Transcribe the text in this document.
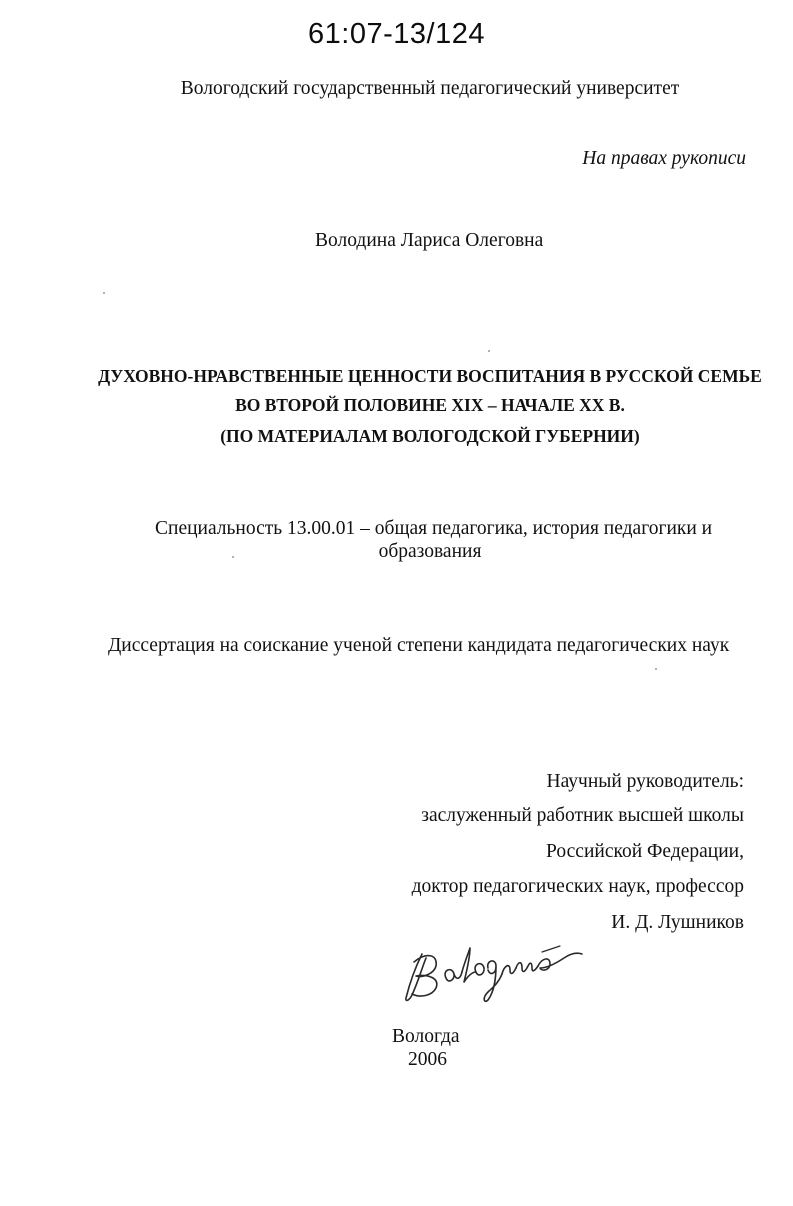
61:07-13/124
Вологодский государственный педагогический университет
На правах рукописи
Володина Лариса Олеговна
ДУХОВНО-НРАВСТВЕННЫЕ ЦЕННОСТИ ВОСПИТАНИЯ В РУССКОЙ СЕМЬЕ
ВО ВТОРОЙ ПОЛОВИНЕ XIX – НАЧАЛЕ XX В.
(ПО МАТЕРИАЛАМ ВОЛОГОДСКОЙ ГУБЕРНИИ)
Специальность 13.00.01 – общая педагогика, история педагогики и
образования
Диссертация на соискание ученой степени кандидата педагогических наук
Научный руководитель:
заслуженный работник высшей школы
Российской Федерации,
доктор педагогических наук, профессор
И. Д. Лушников
Вологда
2006
